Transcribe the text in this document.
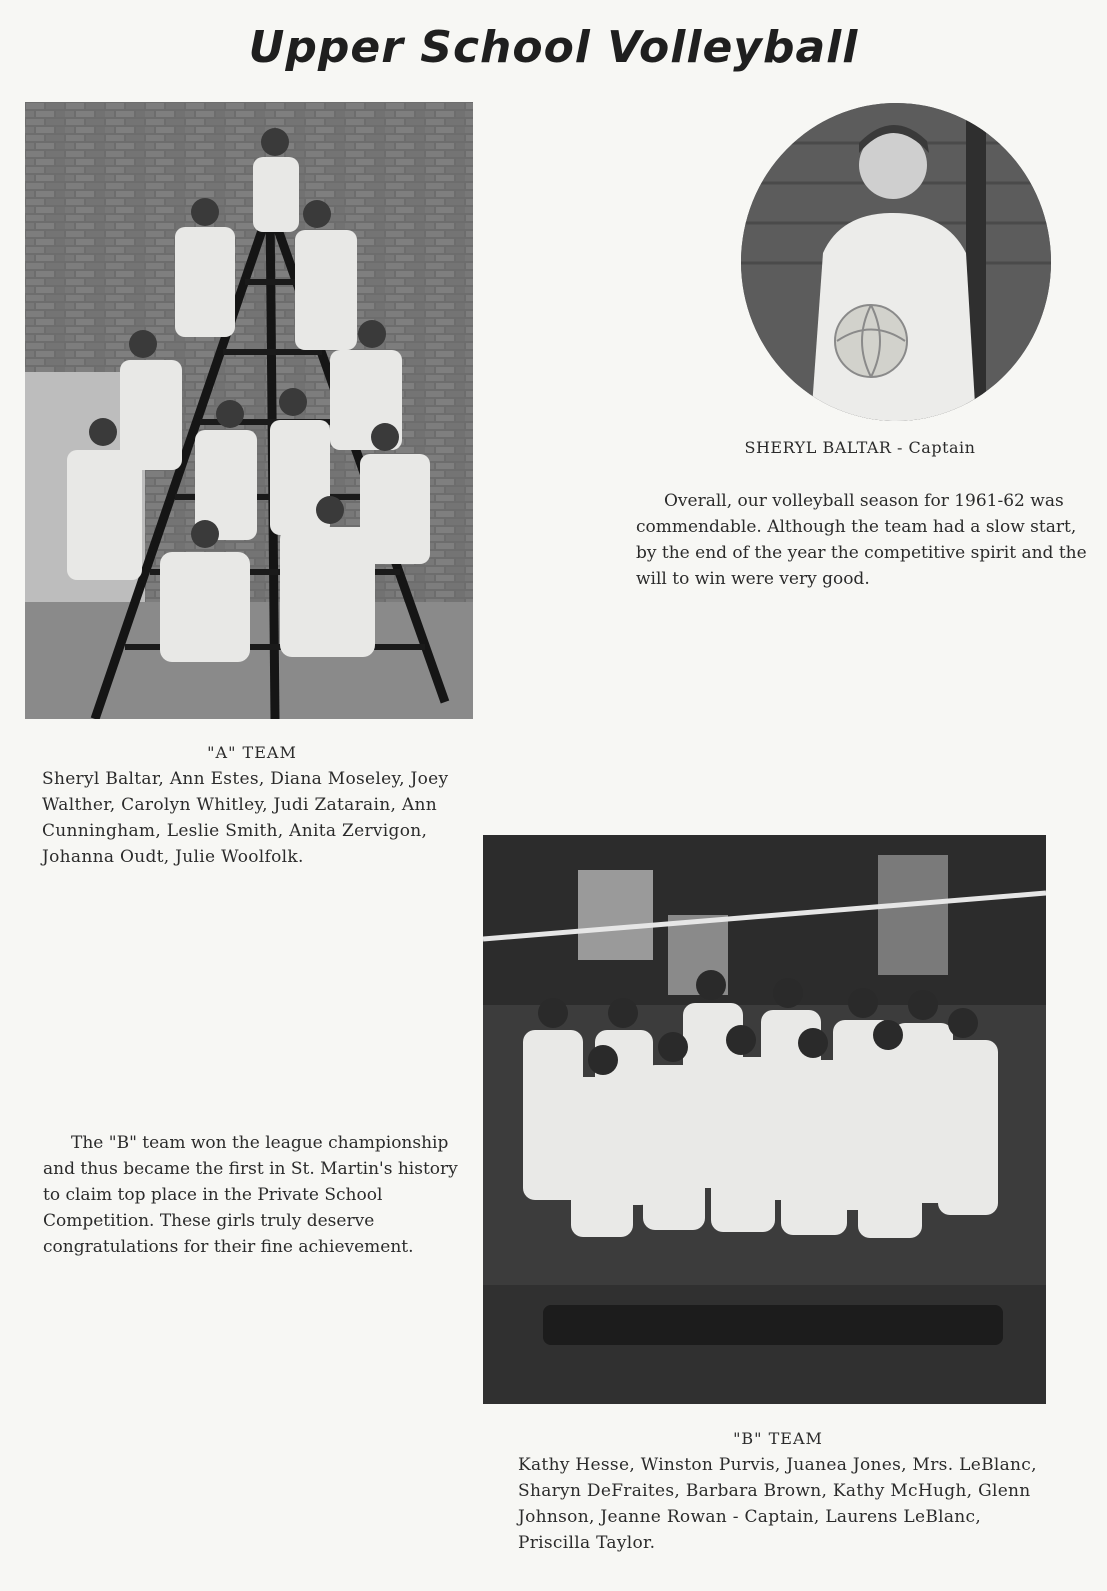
Upper School Volleyball
SHERYL BALTAR - Captain

Overall, our volleyball season for 1961-62 was commendable. Although the team had a slow start, by the end of the year the competitive spirit and the will to win were very good.

"A" TEAM
Sheryl Baltar, Ann Estes, Diana Moseley, Joey Walther, Carolyn Whitley, Judi Zatarain, Ann Cunningham, Leslie Smith, Anita Zervigon, Johanna Oudt, Julie Woolfolk.

The "B" team won the league championship and thus became the first in St. Martin's history to claim top place in the Private School Competition. These girls truly deserve congratulations for their fine achievement.

"B" TEAM
Kathy Hesse, Winston Purvis, Juanea Jones, Mrs. LeBlanc, Sharyn DeFraites, Barbara Brown, Kathy McHugh, Glenn Johnson, Jeanne Rowan - Captain, Laurens LeBlanc, Priscilla Taylor.
